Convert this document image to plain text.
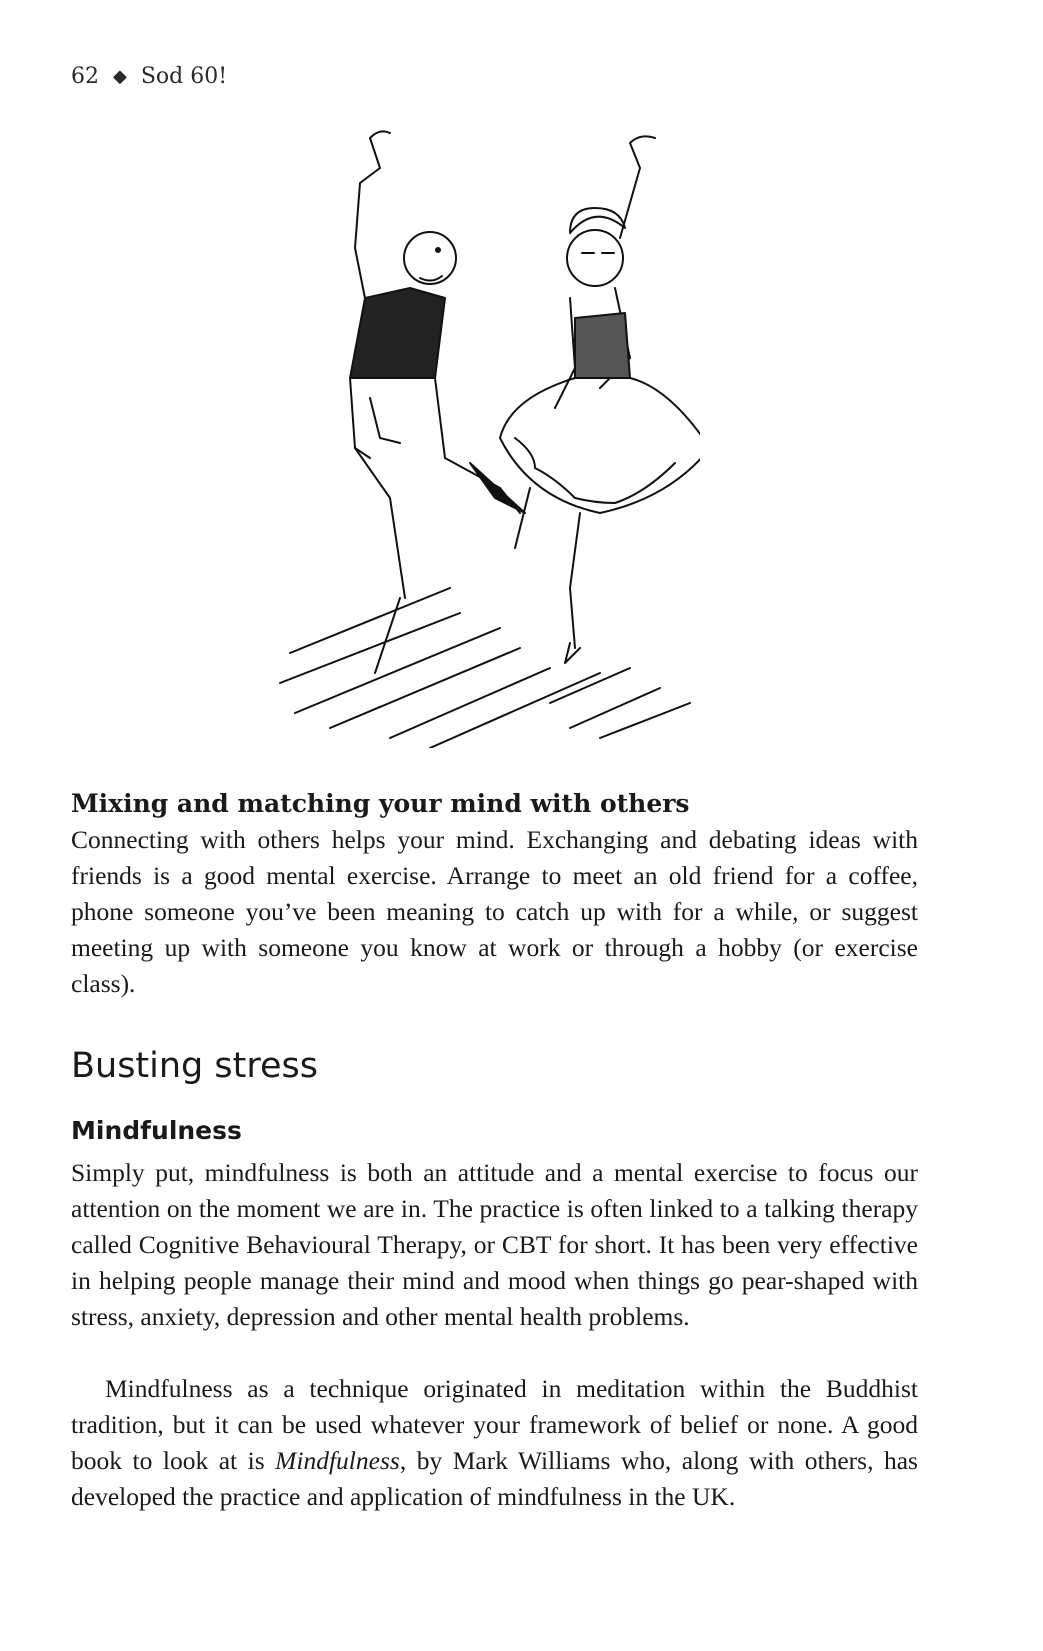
62 ◆ Sod 60!
Mixing and matching your mind with others

Connecting with others helps your mind. Exchanging and debating ideas with friends is a good mental exercise. Arrange to meet an old friend for a coffee, phone someone you’ve been meaning to catch up with for a while, or suggest meeting up with someone you know at work or through a hobby (or exercise class).

Busting stress
Mindfulness

Simply put, mindfulness is both an attitude and a mental exercise to focus our attention on the moment we are in. The practice is often linked to a talking therapy called Cognitive Behavioural Therapy, or CBT for short. It has been very effective in helping people manage their mind and mood when things go pear-shaped with stress, anxiety, depression and other mental health problems.

Mindfulness as a technique originated in meditation within the Buddhist tradition, but it can be used whatever your framework of belief or none. A good book to look at is Mindfulness, by Mark Williams who, along with others, has developed the practice and application of mindfulness in the UK.
